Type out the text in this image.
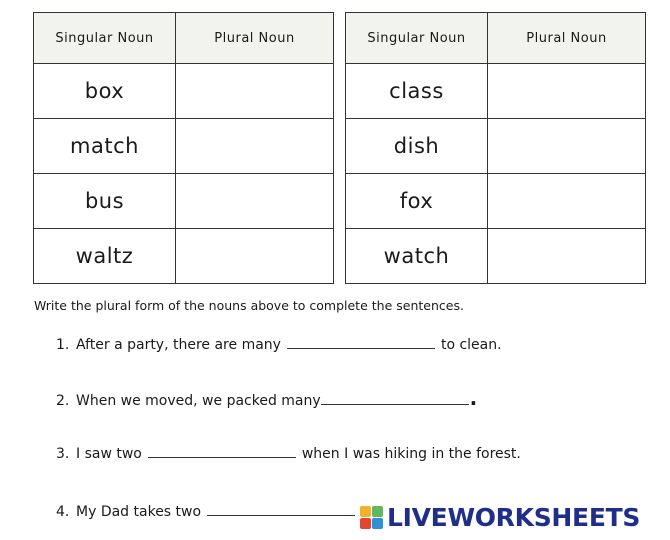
Singular Noun	Plural Noun
box	
match	
bus	
waltz	
Singular Noun	Plural Noun
class	
dish	
fox	
watch	
Write the plural form of the nouns above to complete the sentences.
1. After a party, there are many	to clean.
2. When we moved, we packed many	.
3. I saw two	when I was hiking in the forest.
4. My Dad takes two	LIVEWORKSHEETS
